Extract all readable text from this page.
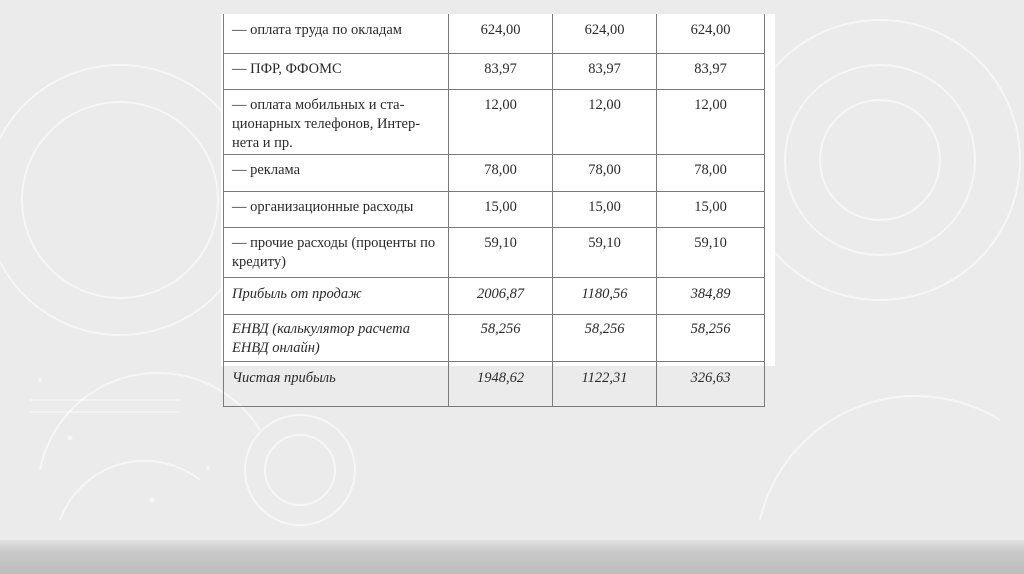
— оплата труда по окладам	624,00	624,00	624,00
— ПФР, ФФОМС	83,97	83,97	83,97
— оплата мобильных и ста-ционарных телефонов, Интер-нета и пр.	12,00	12,00	12,00
— реклама	78,00	78,00	78,00
— организационные расходы	15,00	15,00	15,00
— прочие расходы (проценты по кредиту)	59,10	59,10	59,10
Прибыль от продаж	2006,87	1180,56	384,89
ЕНВД (калькулятор расчета ЕНВД онлайн)	58,256	58,256	58,256
Чистая прибыль	1948,62	1122,31	326,63
